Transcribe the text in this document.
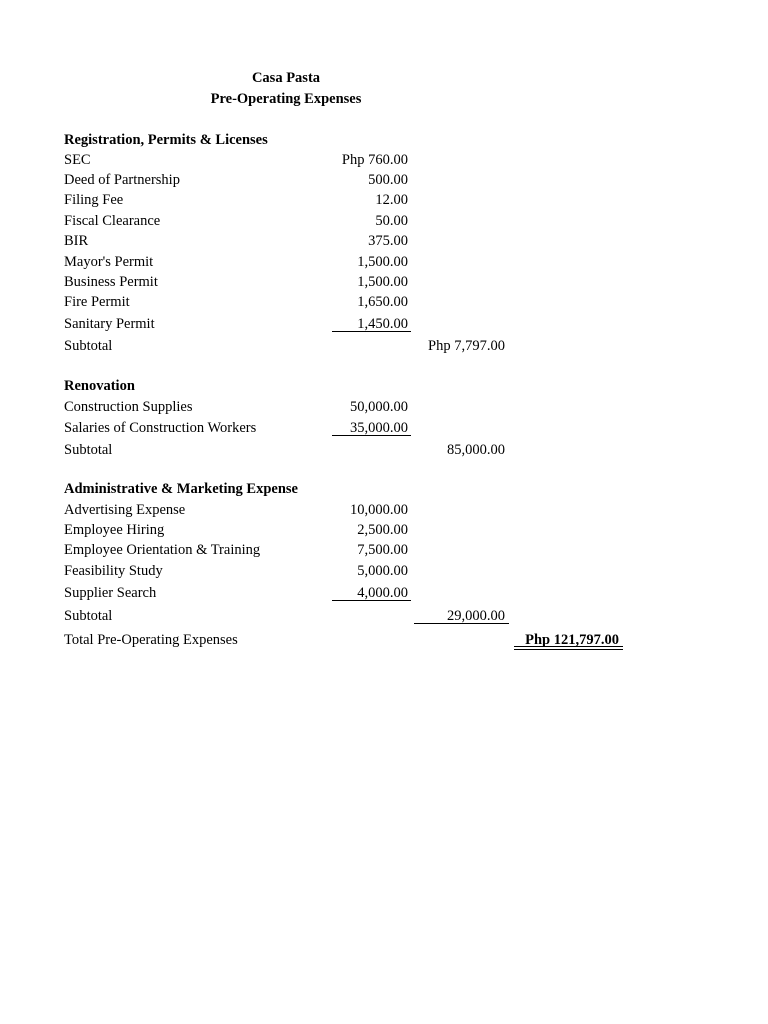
Casa Pasta
Pre-Operating Expenses
Registration, Permits & Licenses
SEC	Php 760.00
Deed of Partnership	500.00
Filing Fee	12.00
Fiscal Clearance	50.00
BIR	375.00
Mayor's Permit	1,500.00
Business Permit	1,500.00
Fire Permit	1,650.00
Sanitary Permit	1,450.00
Subtotal	Php 7,797.00
Renovation
Construction Supplies	50,000.00
Salaries of Construction Workers	35,000.00
Subtotal	85,000.00
Administrative & Marketing Expense
Advertising Expense	10,000.00
Employee Hiring	2,500.00
Employee Orientation & Training	7,500.00
Feasibility Study	5,000.00
Supplier Search	4,000.00
Subtotal	29,000.00
Total Pre-Operating Expenses	Php 121,797.00
